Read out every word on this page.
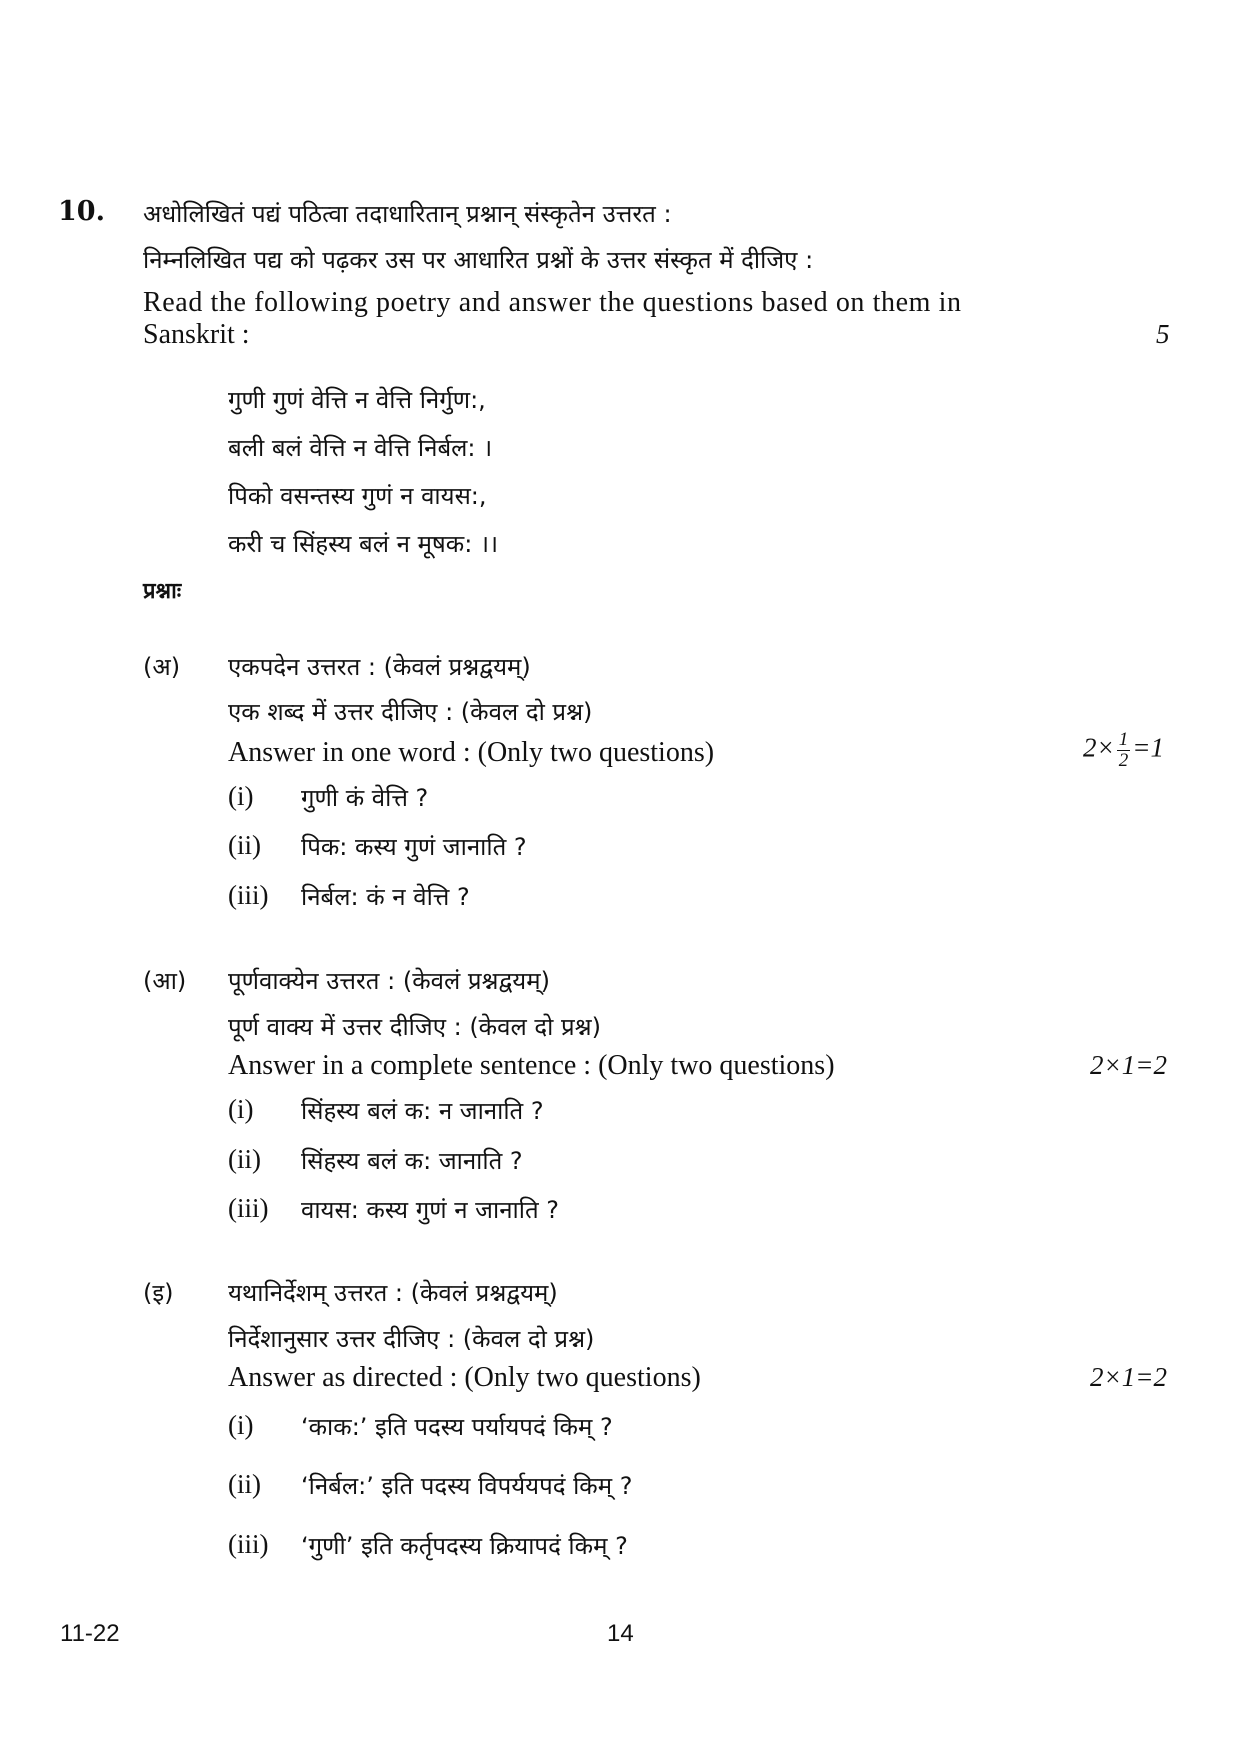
10. अधोलिखितं पद्यं पठित्वा तदाधारितान् प्रश्नान् संस्कृतेन उत्तरत :
निम्नलिखित पद्य को पढ़कर उस पर आधारित प्रश्नों के उत्तर संस्कृत में दीजिए :
Read the following poetry and answer the questions based on them in
Sanskrit :	5
गुणी गुणं वेत्ति न वेत्ति निर्गुण:,
बली बलं वेत्ति न वेत्ति निर्बल: ।
पिको वसन्तस्य गुणं न वायस:,
करी च सिंहस्य बलं न मूषक: ।।
प्रश्नाः
(अ) एकपदेन उत्तरत : (केवलं प्रश्नद्वयम्)
एक शब्द में उत्तर दीजिए : (केवल दो प्रश्न)
Answer in one word : (Only two questions)	$2\times \frac{1}{2} =1$
(i) गुणी कं वेत्ति ?
(ii) पिक: कस्य गुणं जानाति ?
(iii) निर्बल: कं न वेत्ति ?
(आ) पूर्णवाक्येन उत्तरत : (केवलं प्रश्नद्वयम्)
पूर्ण वाक्य में उत्तर दीजिए : (केवल दो प्रश्न)
Answer in a complete sentence : (Only two questions)	2×1=2
(i) सिंहस्य बलं क: न जानाति ?
(ii) सिंहस्य बलं क: जानाति ?
(iii) वायस: कस्य गुणं न जानाति ?
(इ) यथानिर्देशम् उत्तरत : (केवलं प्रश्नद्वयम्)
निर्देशानुसार उत्तर दीजिए : (केवल दो प्रश्न)
Answer as directed : (Only two questions)	2×1=2
(i) ‘काक:’ इति पदस्य पर्यायपदं किम् ?
(ii) ‘निर्बल:’ इति पदस्य विपर्ययपदं किम् ?
(iii) ‘गुणी’ इति कर्तृपदस्य क्रियापदं किम् ?
11-22	14
